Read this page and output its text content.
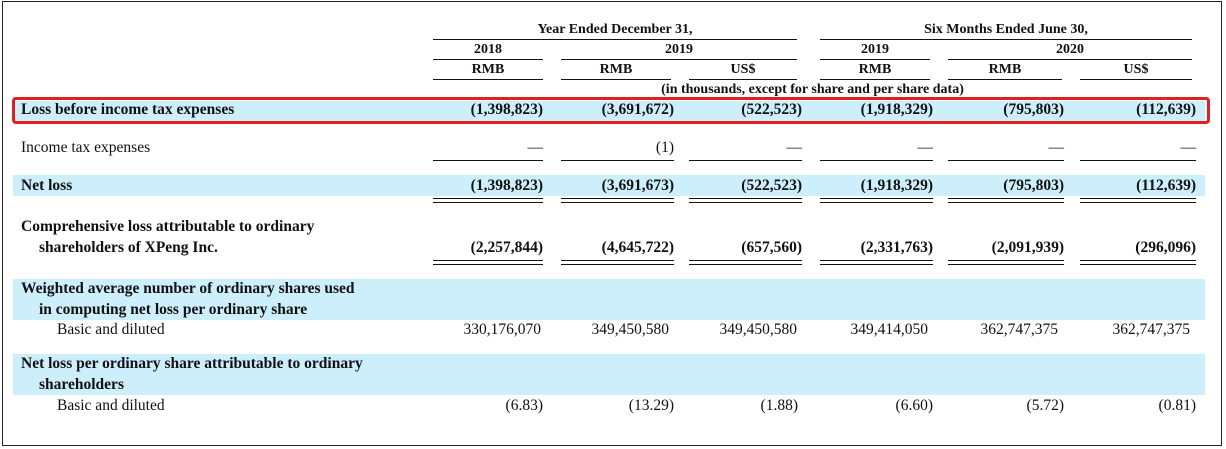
Year Ended December 31,	Six Months Ended June 30,
2018	2019	2019	2020
RMB	RMB	US$	RMB	RMB	US$
(in thousands, except for share and per share data)
Loss before income tax expenses	(1,398,823)	(3,691,672)	(522,523)	(1,918,329)	(795,803)	(112,639)
Income tax expenses	—	(1)	—	—	—	—
Net loss	(1,398,823)	(3,691,673)	(522,523)	(1,918,329)	(795,803)	(112,639)
Comprehensive loss attributable to ordinary
shareholders of XPeng Inc.	(2,257,844)	(4,645,722)	(657,560)	(2,331,763)	(2,091,939)	(296,096)
Weighted average number of ordinary shares used
in computing net loss per ordinary share
Basic and diluted	330,176,070	349,450,580	349,450,580	349,414,050	362,747,375	362,747,375
Net loss per ordinary share attributable to ordinary
shareholders
Basic and diluted	(6.83)	(13.29)	(1.88)	(6.60)	(5.72)	(0.81)
